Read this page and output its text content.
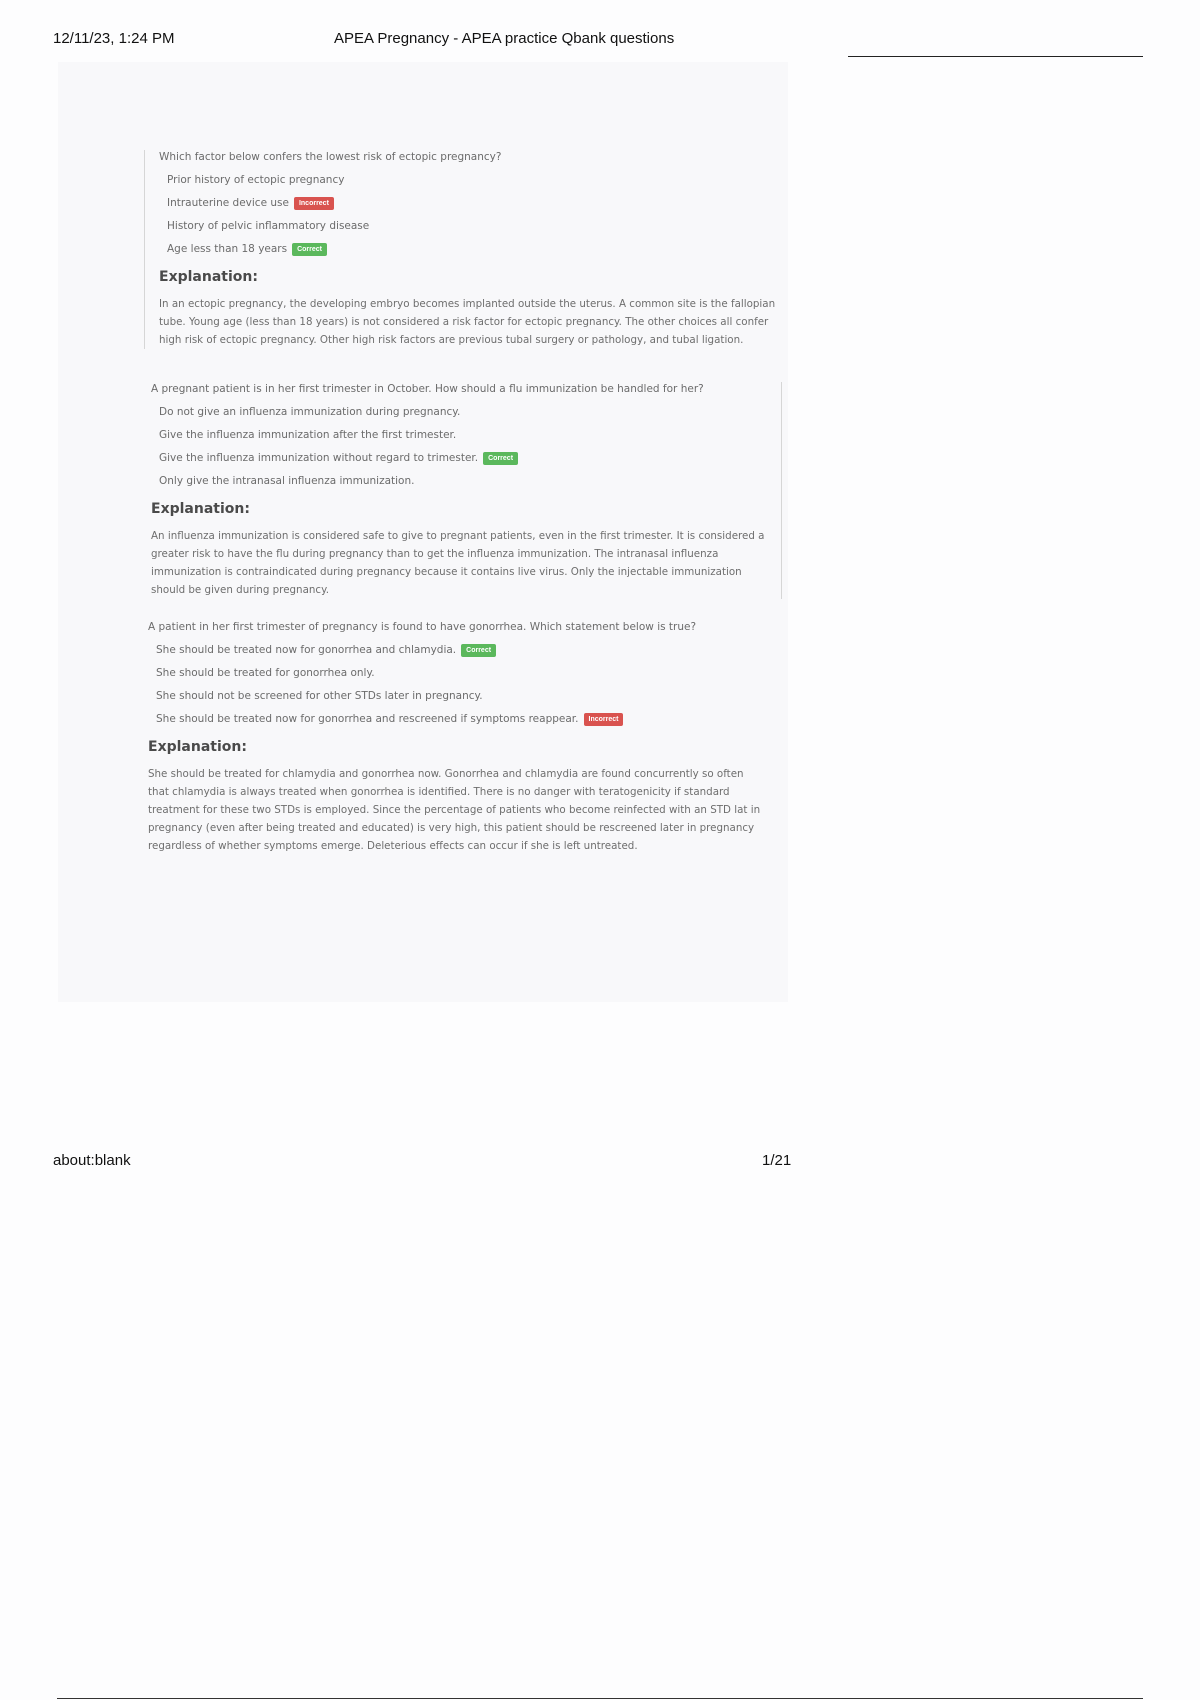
12/11/23, 1:24 PM	APEA Pregnancy - APEA practice Qbank questions
Which factor below confers the lowest risk of ectopic pregnancy?
Prior history of ectopic pregnancy
Intrauterine device use Incorrect
History of pelvic inflammatory disease
Age less than 18 years Correct
Explanation:
In an ectopic pregnancy, the developing embryo becomes implanted outside the uterus. A common site is the fallopian tube. Young age (less than 18 years) is not considered a risk factor for ectopic pregnancy. The other choices all confer high risk of ectopic pregnancy. Other high risk factors are previous tubal surgery or pathology, and tubal ligation.
A pregnant patient is in her first trimester in October. How should a flu immunization be handled for her?
Do not give an influenza immunization during pregnancy.
Give the influenza immunization after the first trimester.
Give the influenza immunization without regard to trimester. Correct
Only give the intranasal influenza immunization.
Explanation:
An influenza immunization is considered safe to give to pregnant patients, even in the first trimester. It is considered a greater risk to have the flu during pregnancy than to get the influenza immunization. The intranasal influenza immunization is contraindicated during pregnancy because it contains live virus. Only the injectable immunization should be given during pregnancy.
A patient in her first trimester of pregnancy is found to have gonorrhea. Which statement below is true?
She should be treated now for gonorrhea and chlamydia. Correct
She should be treated for gonorrhea only.
She should not be screened for other STDs later in pregnancy.
She should be treated now for gonorrhea and rescreened if symptoms reappear. Incorrect
Explanation:
She should be treated for chlamydia and gonorrhea now. Gonorrhea and chlamydia are found concurrently so often that chlamydia is always treated when gonorrhea is identified. There is no danger with teratogenicity if standard treatment for these two STDs is employed. Since the percentage of patients who become reinfected with an STD lat in pregnancy (even after being treated and educated) is very high, this patient should be rescreened later in pregnancy regardless of whether symptoms emerge. Deleterious effects can occur if she is left untreated.
about:blank	1/21
